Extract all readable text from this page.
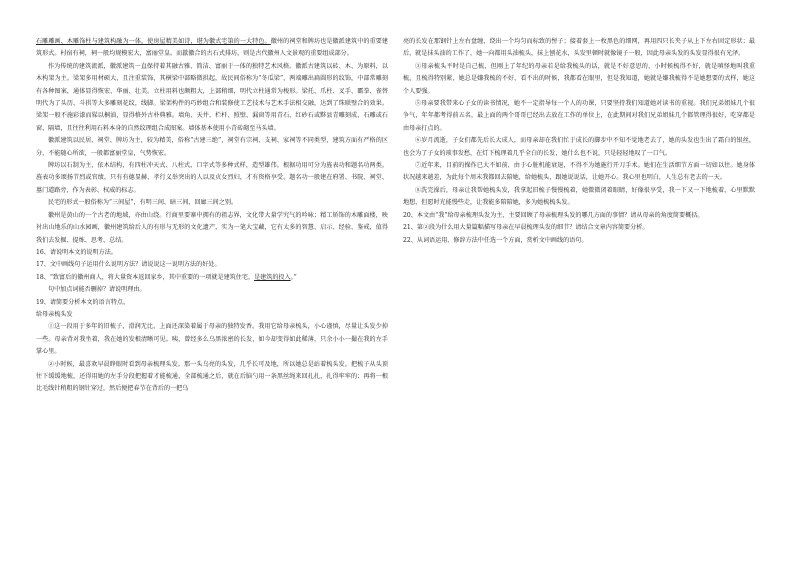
石雕雕画、木雕饰柱与建筑构融为一体，使房屋精美如诗，堪为徽式宅第的一大特色。徽州的祠堂和牌坊也是徽派建筑中的重要建筑形式。村宿有祠，祠一般均规模宏大，富丽堂皇。而歙徽合的古石式排坊，则是古代徽州人文景观的重要组成部分。

作为传统的建筑流派，徽派建筑一直保持着其融古雅、简洁、富丽于一体的独特艺术风格。徽派古建筑以砖、木、为原料，以木构架为主。梁架多用材硕大，且注重装饰，其横梁中部略微拱起，故民间俗称为“冬瓜梁”，两端雕出扁圆形的纹饰，中部常雕刻有各种图案，通体显得恢宏、华丽、壮美。立柱用料也颇粗大，上部稍细，明代立柱通常为梭形。梁托、爪柱、叉手、霸拳、雀替明代为了头历、斗拱等大多雕刻花纹，线脚。梁架构件的巧妙组合和装修使工艺技术与艺术手法相交融，达到了珠联璧合的效果。梁架一般不施彩漆而髹以桐油，显得格外古朴典雅。墙角、天井、栏杆、照壁、漏窗等用青石、红砂石或黟县青雕刻成，石雕或石窗、隔墙，且往往利用石料本身的自然纹理组合成图案。墙体基本使用小青砖砌至马头墙。

徽派建筑以民居、祠堂、牌坊为主，较为精美，俗称“古建三绝”，祠堂有宗祠、支祠、家祠等不同类型，建筑方面有严格的区分，不能随心所欲，一般都富丽堂皇，气势恢宏。

牌坊以石制为主，依木结构，有四柱冲天式、八柱式、口字式等多种式样，造型雄伟。根据功用可分为旌表功和题名功两类。旌表功多颂扬节烈或官绩，只有有德显赫、孝行义举突出的人以及贞女烈妇，才有资格享受。题名功一般建在府署、书院、祠堂、墓门道路旁，作为表彰、权威的标志。

民宅的形式一般俗称为“三间屋”，有明三间、暗三间、回廊三间之别。

徽州是黄山的一个古老的地域，亦由山绕。行商里要寨中拥有的祖志界，文化带大量学究气的吟咏；精工矫饰的木雕面楼，映衬出山地乐的山水园画，徽州建筑给后人的有形与无形的文化遗产，实为一笔大宝藏，它有太多的智慧、启示、经验、鉴戒，值得我们去发掘、提炼、思考、总结。

16、请说明本文的说明方法。

17、文中画线句子运用什么说明方法？请说说这一说明方法的好处。

18、“致富后的徽州商人，将大量资本返回家乡，其中重要的一项就是建筑住宅，是建筑的投入。”

句中加点词能否删掉？请说明理由。

19、请简要分析本文的语言特点。

给母亲梳头发

①这一段用于多年的旧梳子，滑润无比，上面还深染着属于母亲的独特发香。我用它给母亲梳头，小心谨慎，尽量让头发少掉一些。母亲背对我坐着，我在她的发根清晰可见。咦，曾经多么乌黑浓密的长发，如今却变得如此稀薄，只余小小一撮在我的左手掌心里。

②小时候，最喜欢早晨睁眼时看到母亲梳理头发。那一头乌亮的头发，几乎长可及地，所以她总是站着梳头发。把梳子从头顶往下缓缓地梳，还得用她的左手分段把握着才能梳通，全部梳通之后，就在后脑勺用一条黑丝绳来回扎扎，扎得牢牢的；再将一根比毛线针稍粗的钢针穿过，然后便把春节在背后的一把乌

亮的长发在那钢针上左右盘缠，绕出一个均匀而标致的髻子；接着套上一枚黑色的细网，再用四只长夹子从上下左右固定形状；最后，就是抹头油的工作了，她一向都用头油梳头，抹上刨花水，头发里顿时就像镜子一般，因此母亲头发的头发显得很有光泽。

③母亲梳头平时是自己梳，但刚上了年纪的母亲若是给我梳头的话，就是不好意思的，小时候梳得不好，就是嗔怪地叫我重梳，且梳得特别紧，她总是嫌我梳的不好，看不出的时候，我都看在眼里，但是我知道，她就是嫌我梳得不是她想要的式样，她这个人要强。

⑤母亲要我带来心子女的读书情况，她不一定指导每一个人的功课，只要坚持我们知道她对读书的重视。我们兄弟姐妹几个很争气，年年都考得前五名，最上面的两个哥哥已经出去放在工作的单位上，在此期间对我们兄弟姐妹几个都管理得很好，吃穿都是由母亲打点的。

⑥岁月流逝，子女们都先后长大成人，而母亲却在我们忙于成长的脚步中不知不觉地老去了，她的头发也生出了霜白的银丝，也会为了子女的琐事发愁，在灯下梳理着几乎全白的长发，她什么也不说，只是轻轻地叹了一口气。

⑦近年来，目前的操作已大不如前，由于心脏机能衰退，不得不为她施行开刀手术。她们在生活细节方面一切如以往。她身体状况越来越差，为此每个周末我都回去陪她，给她梳头，跟她说说话，让她开心。我心里也明白，人生总有老去的一天。

⑧洗完澡后，母亲让我帮她梳头发，我拿起旧梳子慢慢梳着，她微微闭着眼睛，好像很享受，我一下又一下地梳着，心里默默地想，但愿时光能慢些走，让我能多陪陪她，多为她梳梳头发。

20、本文由“我”给母亲梳理头发为主，主要回顾了母亲梳理头发的哪几方面的事情？请从母亲的角度简要概括。

21、第②段为什么用大量篇幅描写母亲在早晨梳理头发的细节？请结合文章内容简要分析。

22、从词语运用、修辞方法中任选一个方面，赏析文中画线的语句。
